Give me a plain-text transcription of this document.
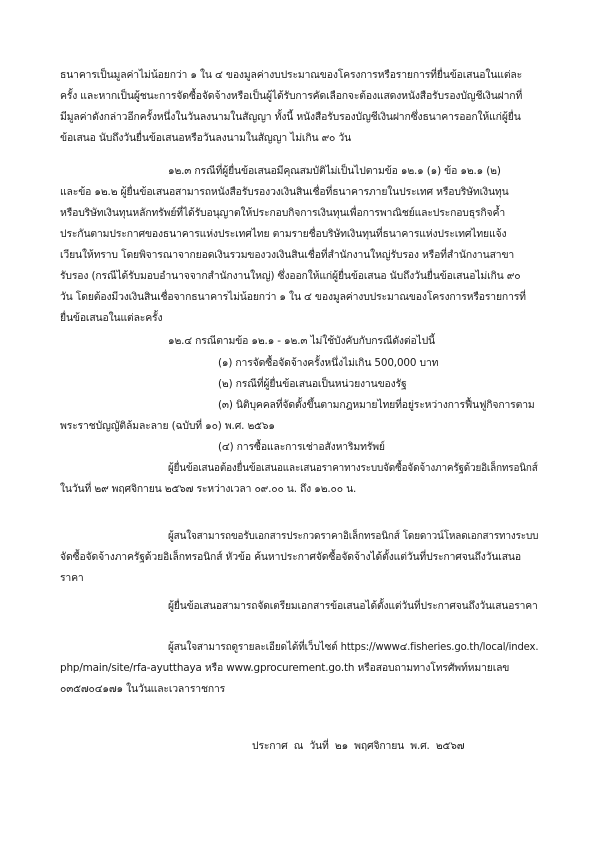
ธนาคารเป็นมูลค่าไม่น้อยกว่า ๑ ใน ๔ ของมูลค่างบประมาณของโครงการหรือรายการที่ยื่นข้อเสนอในแต่ละ
ครั้ง และหากเป็นผู้ชนะการจัดซื้อจัดจ้างหรือเป็นผู้ได้รับการคัดเลือกจะต้องแสดงหนังสือรับรองบัญชีเงินฝากที่
มีมูลค่าดังกล่าวอีกครั้งหนึ่งในวันลงนามในสัญญา ทั้งนี้ หนังสือรับรองบัญชีเงินฝากซึ่งธนาคารออกให้แก่ผู้ยื่น
ข้อเสนอ นับถึงวันยื่นข้อเสนอหรือวันลงนามในสัญญา ไม่เกิน ๙๐ วัน
๑๒.๓ กรณีที่ผู้ยื่นข้อเสนอมีคุณสมบัติไม่เป็นไปตามข้อ ๑๒.๑ (๑) ข้อ ๑๒.๑ (๒)
และข้อ ๑๒.๒ ผู้ยื่นข้อเสนอสามารถหนังสือรับรองวงเงินสินเชื่อที่ธนาคารภายในประเทศ หรือบริษัทเงินทุน
หรือบริษัทเงินทุนหลักทรัพย์ที่ได้รับอนุญาตให้ประกอบกิจการเงินทุนเพื่อการพาณิชย์และประกอบธุรกิจค้ำ
ประกันตามประกาศของธนาคารแห่งประเทศไทย ตามรายชื่อบริษัทเงินทุนที่ธนาคารแห่งประเทศไทยแจ้ง
เวียนให้ทราบ โดยพิจารณาจากยอดเงินรวมของวงเงินสินเชื่อที่สำนักงานใหญ่รับรอง หรือที่สำนักงานสาขา
รับรอง (กรณีได้รับมอบอำนาจจากสำนักงานใหญ่) ซึ่งออกให้แก่ผู้ยื่นข้อเสนอ นับถึงวันยื่นข้อเสนอไม่เกิน ๙๐
วัน โดยต้องมีวงเงินสินเชื่อจากธนาคารไม่น้อยกว่า ๑ ใน ๔ ของมูลค่างบประมาณของโครงการหรือรายการที่
ยื่นข้อเสนอในแต่ละครั้ง
๑๒.๔ กรณีตามข้อ ๑๒.๑ - ๑๒.๓ ไม่ใช้บังคับกับกรณีดังต่อไปนี้
(๑) การจัดซื้อจัดจ้างครั้งหนึ่งไม่เกิน 500,000 บาท
(๒) กรณีที่ผู้ยื่นข้อเสนอเป็นหน่วยงานของรัฐ
(๓) นิติบุคคลที่จัดตั้งขึ้นตามกฎหมายไทยที่อยู่ระหว่างการฟื้นฟูกิจการตาม
พระราชบัญญัติล้มละลาย (ฉบับที่ ๑๐) พ.ศ. ๒๕๖๑
(๔) การซื้อและการเช่าอสังหาริมทรัพย์
ผู้ยื่นข้อเสนอต้องยื่นข้อเสนอและเสนอราคาทางระบบจัดซื้อจัดจ้างภาครัฐด้วยอิเล็กทรอนิกส์
ในวันที่ ๒๙ พฤศจิกายน ๒๕๖๗ ระหว่างเวลา ๐๙.๐๐ น. ถึง ๑๒.๐๐ น.
ผู้สนใจสามารถขอรับเอกสารประกวดราคาอิเล็กทรอนิกส์ โดยดาวน์โหลดเอกสารทางระบบ
จัดซื้อจัดจ้างภาครัฐด้วยอิเล็กทรอนิกส์ หัวข้อ ค้นหาประกาศจัดซื้อจัดจ้างได้ตั้งแต่วันที่ประกาศจนถึงวันเสนอ
ราคา
ผู้ยื่นข้อเสนอสามารถจัดเตรียมเอกสารข้อเสนอได้ตั้งแต่วันที่ประกาศจนถึงวันเสนอราคา
ผู้สนใจสามารถดูรายละเอียดได้ที่เว็บไซต์ https://www๔.fisheries.go.th/local/index.
php/main/site/rfa-ayutthaya หรือ www.gprocurement.go.th หรือสอบถามทางโทรศัพท์หมายเลข
๐๓๕๗๐๔๑๗๑ ในวันและเวลาราชการ
ประกาศ ณ วันที่ ๒๑ พฤศจิกายน พ.ศ. ๒๕๖๗
